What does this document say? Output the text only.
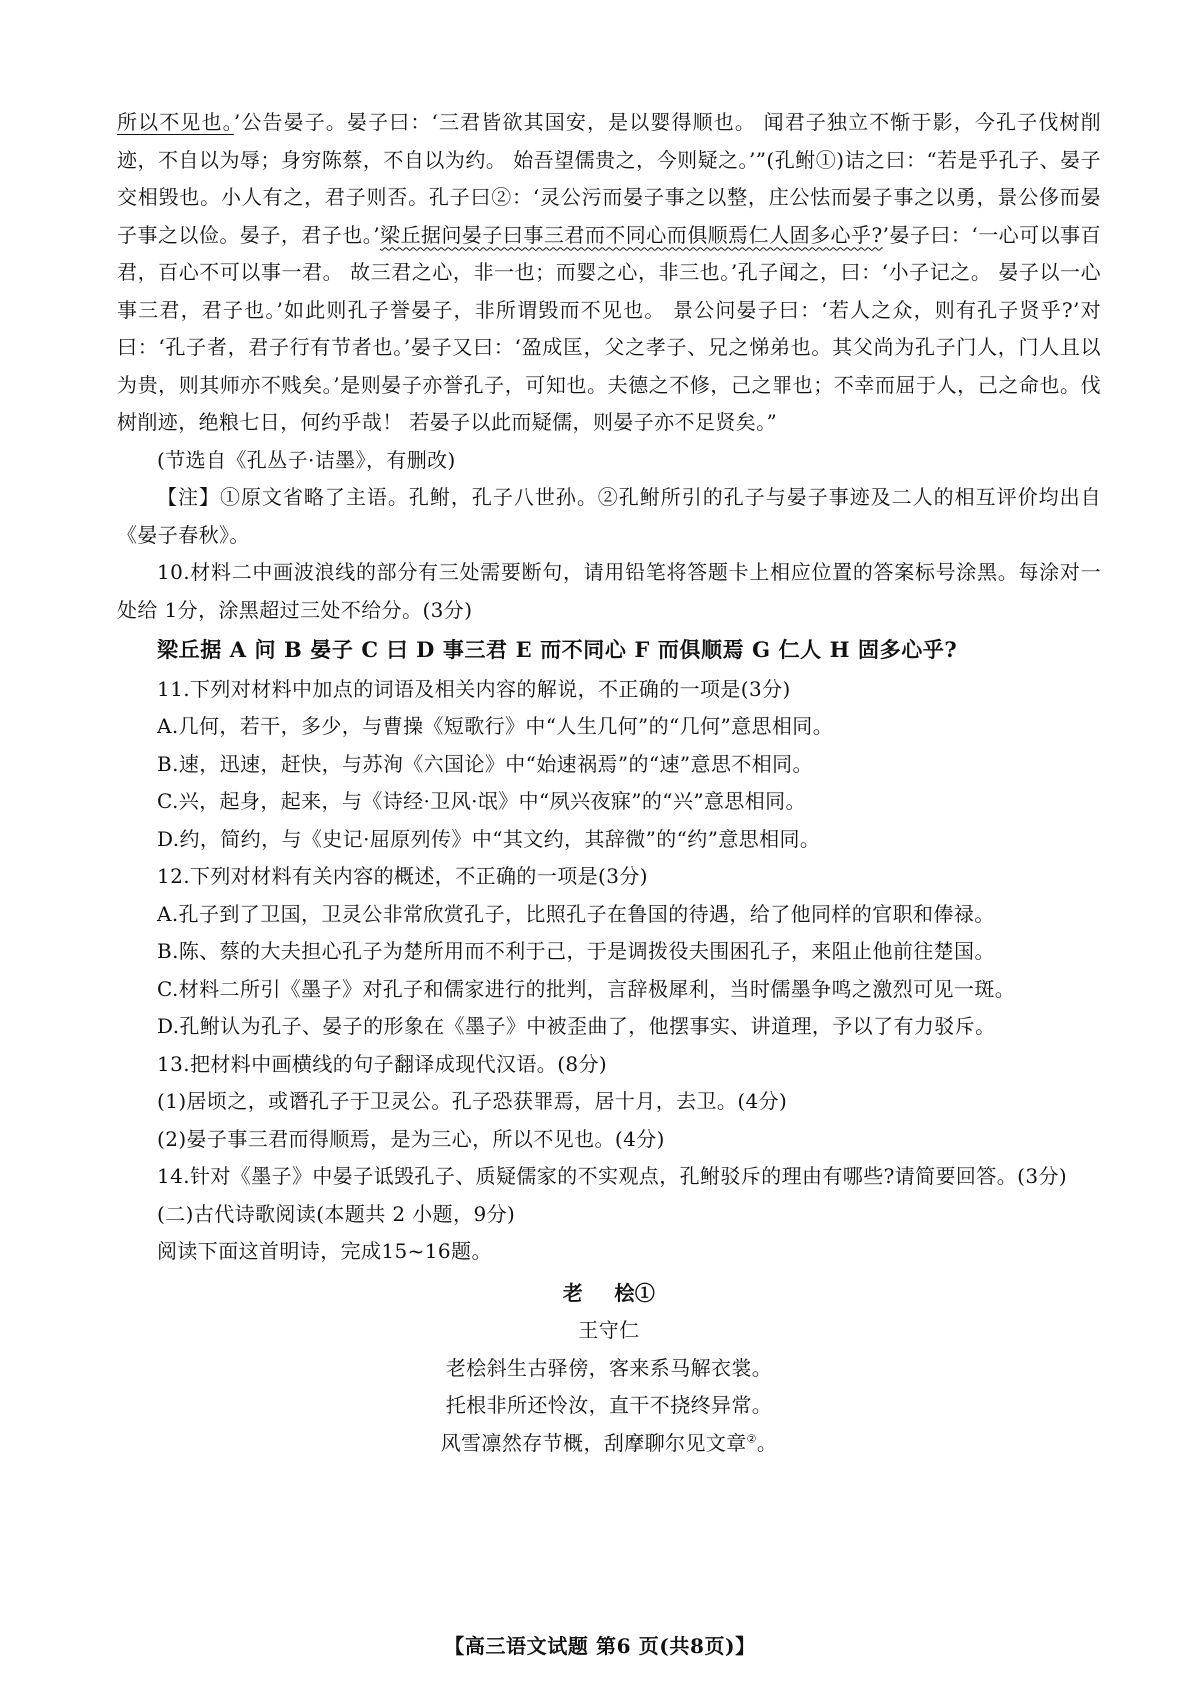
所以不见也。’公告晏子。晏子曰：‘三君皆欲其国安，是以婴得顺也。 闻君子独立不惭于影，今孔子伐树削迹，不自以为辱；身穷陈蔡，不自以为约。 始吾望儒贵之，今则疑之。’”(孔鲋①)诘之曰：“若是乎孔子、晏子交相毁也。小人有之，君子则否。孔子曰②：‘灵公污而晏子事之以整，庄公怯而晏子事之以勇，景公侈而晏子事之以俭。晏子，君子也。’梁丘据问晏子曰事三君而不同心而俱顺焉仁人固多心乎?’晏子曰：‘一心可以事百君，百心不可以事一君。 故三君之心，非一也；而婴之心，非三也。’孔子闻之，曰：‘小子记之。 晏子以一心事三君，君子也。’如此则孔子誉晏子，非所谓毁而不见也。 景公问晏子曰：‘若人之众，则有孔子贤乎?’对曰：‘孔子者，君子行有节者也。’晏子又曰：‘盈成匡，父之孝子、兄之悌弟也。其父尚为孔子门人，门人且以为贵，则其师亦不贱矣。’是则晏子亦誉孔子，可知也。夫德之不修，己之罪也；不幸而屈于人，己之命也。伐树削迹，绝粮七日，何约乎哉！ 若晏子以此而疑儒，则晏子亦不足贤矣。”

(节选自《孔丛子·诘墨》，有删改)

【注】①原文省略了主语。孔鲋，孔子八世孙。②孔鲋所引的孔子与晏子事迹及二人的相互评价均出自《晏子春秋》。

10.材料二中画波浪线的部分有三处需要断句，请用铅笔将答题卡上相应位置的答案标号涂黑。每涂对一处给 1分，涂黑超过三处不给分。(3分)

梁丘据 A 问 B 晏子 C 曰 D 事三君 E 而不同心 F 而俱顺焉 G 仁人 H 固多心乎?

11.下列对材料中加点的词语及相关内容的解说，不正确的一项是(3分)

A.几何，若干，多少，与曹操《短歌行》中“人生几何”的“几何”意思相同。

B.速，迅速，赶快，与苏洵《六国论》中“始速祸焉”的“速”意思不相同。

C.兴，起身，起来，与《诗经·卫风·氓》中“夙兴夜寐”的“兴”意思相同。

D.约，简约，与《史记·屈原列传》中“其文约，其辞微”的“约”意思相同。

12.下列对材料有关内容的概述，不正确的一项是(3分)

A.孔子到了卫国，卫灵公非常欣赏孔子，比照孔子在鲁国的待遇，给了他同样的官职和俸禄。

B.陈、蔡的大夫担心孔子为楚所用而不利于己，于是调拨役夫围困孔子，来阻止他前往楚国。

C.材料二所引《墨子》对孔子和儒家进行的批判，言辞极犀利，当时儒墨争鸣之激烈可见一斑。

D.孔鲋认为孔子、晏子的形象在《墨子》中被歪曲了，他摆事实、讲道理，予以了有力驳斥。

13.把材料中画横线的句子翻译成现代汉语。(8分)

(1)居顷之，或谮孔子于卫灵公。孔子恐获罪焉，居十月，去卫。(4分)

(2)晏子事三君而得顺焉，是为三心，所以不见也。(4分)

14.针对《墨子》中晏子诋毁孔子、质疑儒家的不实观点，孔鲋驳斥的理由有哪些?请简要回答。(3分)

(二)古代诗歌阅读(本题共 2 小题，9分)

阅读下面这首明诗，完成15~16题。

老 桧①

王守仁

老桧斜生古驿傍，客来系马解衣裳。

托根非所还怜汝，直干不挠终异常。

风雪凛然存节概，刮摩聊尔见文章②。

【高三语文试题 第6 页(共8页)】
